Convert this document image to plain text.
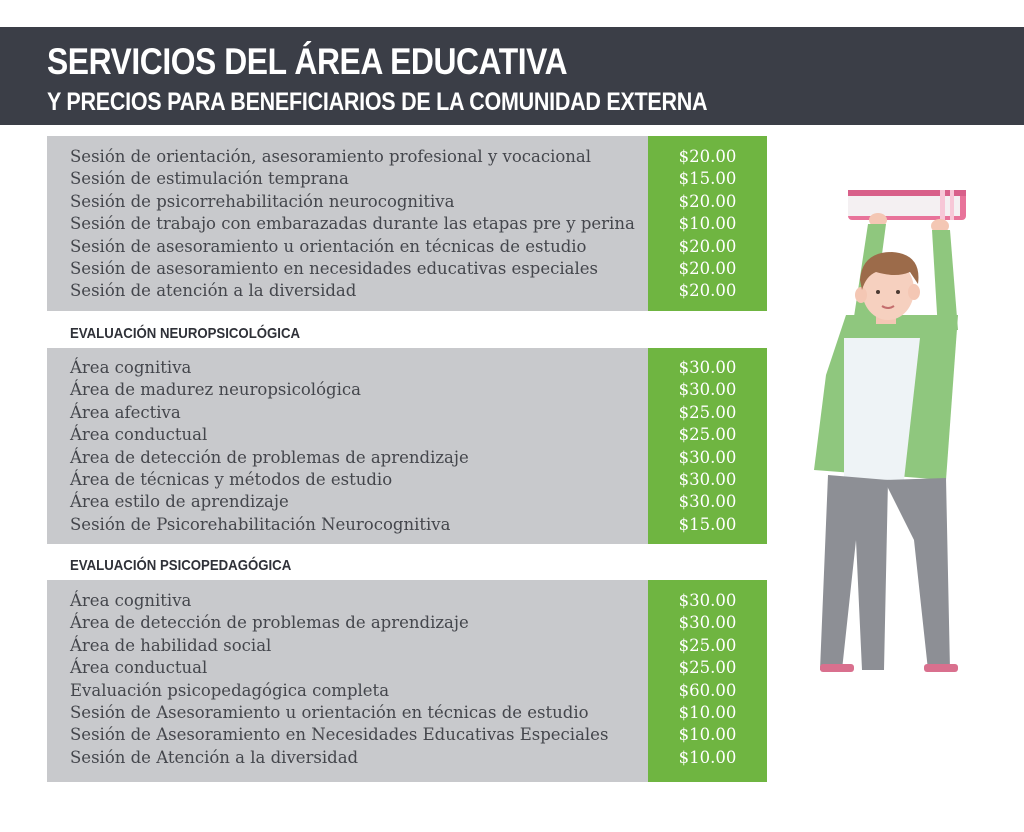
SERVICIOS DEL ÁREA EDUCATIVA
Y PRECIOS PARA BENEFICIARIOS DE LA COMUNIDAD EXTERNA
Sesión de orientación, asesoramiento profesional y vocacional
Sesión de estimulación temprana
Sesión de psicorrehabilitación neurocognitiva
Sesión de trabajo con embarazadas durante las etapas pre y perina
Sesión de asesoramiento u orientación en técnicas de estudio
Sesión de asesoramiento en necesidades educativas especiales
Sesión de atención a la diversidad
$20.00
$15.00
$20.00
$10.00
$20.00
$20.00
$20.00
EVALUACIÓN NEUROPSICOLÓGICA
Área cognitiva
Área de madurez neuropsicológica
Área afectiva
Área conductual
Área de detección de problemas de aprendizaje
Área de técnicas y métodos de estudio
Área estilo de aprendizaje
Sesión de Psicorehabilitación Neurocognitiva
$30.00
$30.00
$25.00
$25.00
$30.00
$30.00
$30.00
$15.00
EVALUACIÓN PSICOPEDAGÓGICA
Área cognitiva
Área de detección de problemas de aprendizaje
Área de habilidad social
Área conductual
Evaluación psicopedagógica completa
Sesión de Asesoramiento u orientación en técnicas de estudio
Sesión de Asesoramiento en Necesidades Educativas Especiales
Sesión de Atención a la diversidad
$30.00
$30.00
$25.00
$25.00
$60.00
$10.00
$10.00
$10.00
